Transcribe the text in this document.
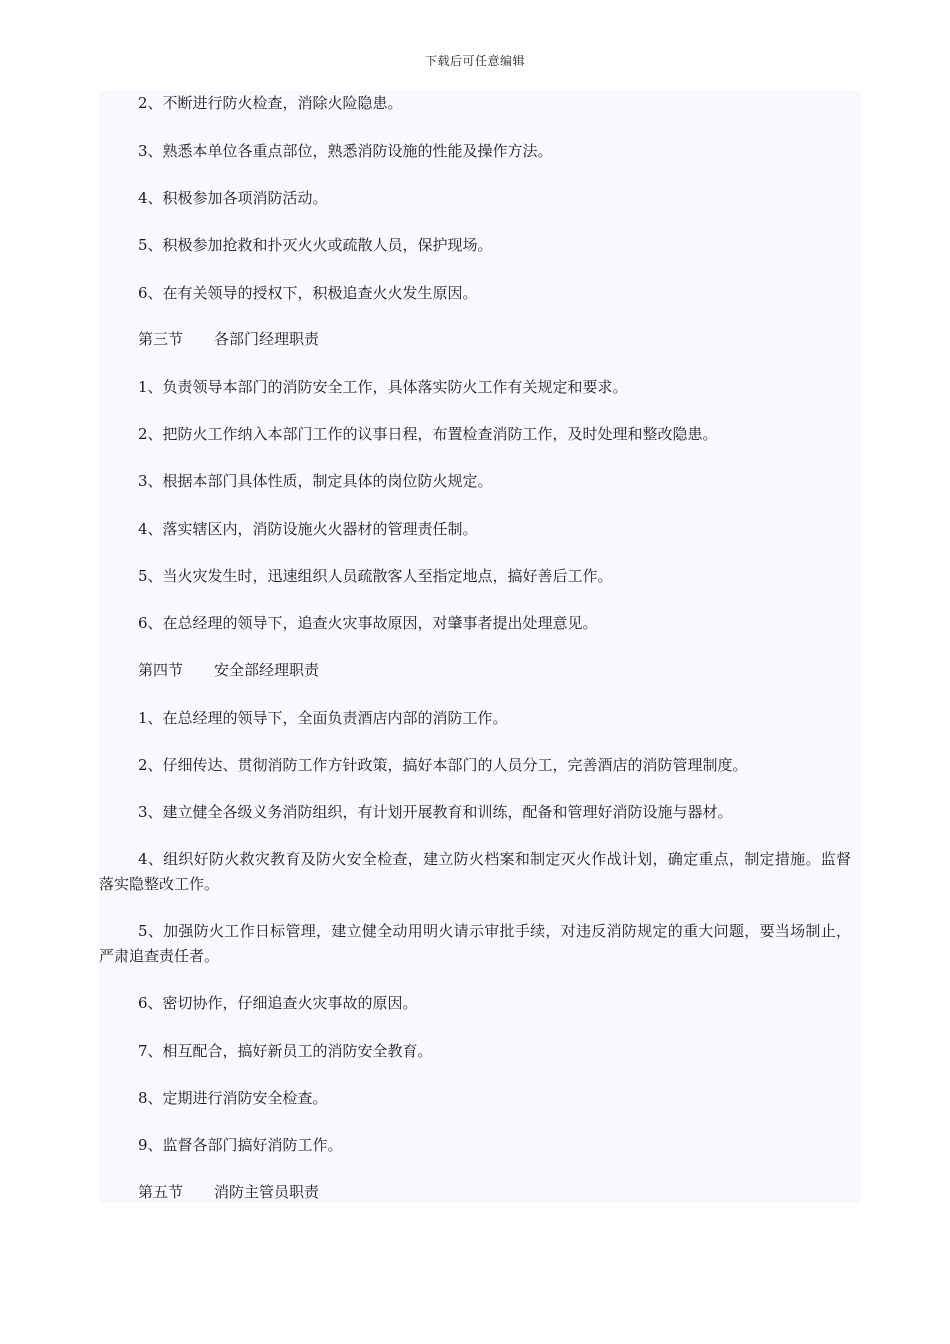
下载后可任意编辑
2、不断进行防火检查，消除火险隐患。
3、熟悉本单位各重点部位，熟悉消防设施的性能及操作方法。
4、积极参加各项消防活动。
5、积极参加抢救和扑灭火火或疏散人员，保护现场。
6、在有关领导的授权下，积极追查火火发生原因。
第三节 各部门经理职责
1、负责领导本部门的消防安全工作，具体落实防火工作有关规定和要求。
2、把防火工作纳入本部门工作的议事日程，布置检查消防工作，及时处理和整改隐患。
3、根据本部门具体性质，制定具体的岗位防火规定。
4、落实辖区内，消防设施火火器材的管理责任制。
5、当火灾发生时，迅速组织人员疏散客人至指定地点，搞好善后工作。
6、在总经理的领导下，追查火灾事故原因，对肇事者提出处理意见。
第四节 安全部经理职责
1、在总经理的领导下，全面负责酒店内部的消防工作。
2、仔细传达、贯彻消防工作方针政策，搞好本部门的人员分工，完善酒店的消防管理制度。
3、建立健全各级义务消防组织，有计划开展教育和训练，配备和管理好消防设施与器材。
4、组织好防火救灾教育及防火安全检查，建立防火档案和制定灭火作战计划，确定重点，制定措施。监督落实隐整改工作。
5、加强防火工作日标管理，建立健全动用明火请示审批手续，对违反消防规定的重大问题，要当场制止，严肃追查责任者。
6、密切协作，仔细追查火灾事故的原因。
7、相互配合，搞好新员工的消防安全教育。
8、定期进行消防安全检查。
9、监督各部门搞好消防工作。
第五节 消防主管员职责
